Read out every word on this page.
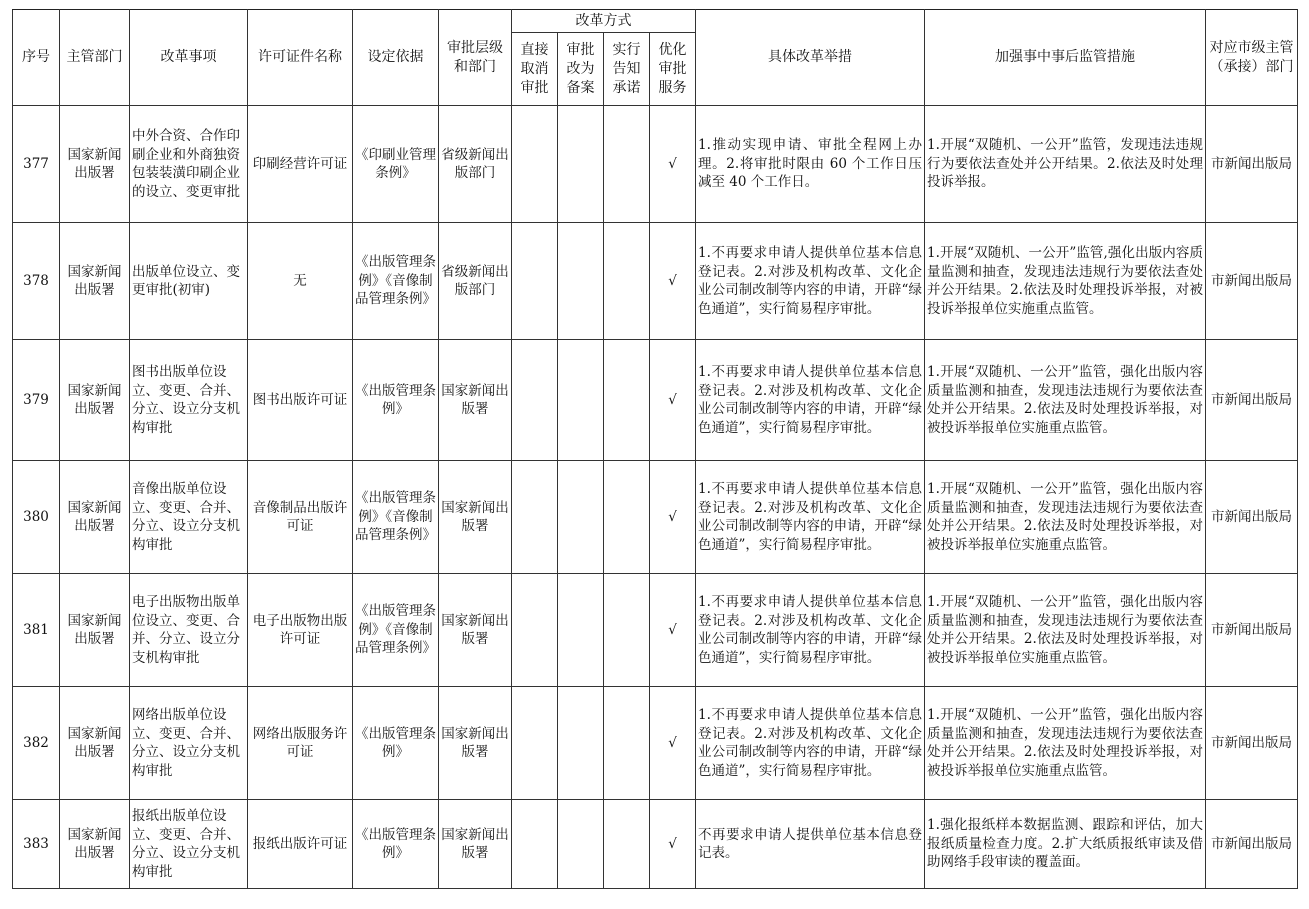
序号	主管部门	改革事项	许可证件名称	设定依据	审批层级和部门	改革方式				具体改革举措	加强事中事后监管措施	对应市级主管（承接）部门
						直接取消审批	审批改为备案	实行告知承诺	优化审批服务			
377	国家新闻出版署	中外合资、合作印刷企业和外商独资包装装潢印刷企业的设立、变更审批	印刷经营许可证	《印刷业管理条例》	省级新闻出版部门				√	1.推动实现申请、审批全程网上办理。2.将审批时限由 60 个工作日压减至 40 个工作日。	1.开展“双随机、一公开”监管，发现违法违规行为要依法查处并公开结果。2.依法及时处理投诉举报。	市新闻出版局
378	国家新闻出版署	出版单位设立、变更审批(初审)	无	《出版管理条例》《音像制品管理条例》	省级新闻出版部门				√	1.不再要求申请人提供单位基本信息登记表。2.对涉及机构改革、文化企业公司制改制等内容的申请，开辟“绿色通道”，实行简易程序审批。	1.开展“双随机、一公开”监管,强化出版内容质量监测和抽查，发现违法违规行为要依法查处并公开结果。2.依法及时处理投诉举报，对被投诉举报单位实施重点监管。	市新闻出版局
379	国家新闻出版署	图书出版单位设立、变更、合并、分立、设立分支机构审批	图书出版许可证	《出版管理条例》	国家新闻出版署				√	1.不再要求申请人提供单位基本信息登记表。2.对涉及机构改革、文化企业公司制改制等内容的申请，开辟“绿色通道”，实行简易程序审批。	1.开展“双随机、一公开”监管，强化出版内容质量监测和抽查，发现违法违规行为要依法查处并公开结果。2.依法及时处理投诉举报，对被投诉举报单位实施重点监管。	市新闻出版局
380	国家新闻出版署	音像出版单位设立、变更、合并、分立、设立分支机构审批	音像制品出版许可证	《出版管理条例》《音像制品管理条例》	国家新闻出版署				√	1.不再要求申请人提供单位基本信息登记表。2.对涉及机构改革、文化企业公司制改制等内容的申请，开辟“绿色通道”，实行简易程序审批。	1.开展“双随机、一公开”监管，强化出版内容质量监测和抽查，发现违法违规行为要依法查处并公开结果。2.依法及时处理投诉举报，对被投诉举报单位实施重点监管。	市新闻出版局
381	国家新闻出版署	电子出版物出版单位设立、变更、合并、分立、设立分支机构审批	电子出版物出版许可证	《出版管理条例》《音像制品管理条例》	国家新闻出版署				√	1.不再要求申请人提供单位基本信息登记表。2.对涉及机构改革、文化企业公司制改制等内容的申请，开辟“绿色通道”，实行简易程序审批。	1.开展“双随机、一公开”监管，强化出版内容质量监测和抽查，发现违法违规行为要依法查处并公开结果。2.依法及时处理投诉举报，对被投诉举报单位实施重点监管。	市新闻出版局
382	国家新闻出版署	网络出版单位设立、变更、合并、分立、设立分支机构审批	网络出版服务许可证	《出版管理条例》	国家新闻出版署				√	1.不再要求申请人提供单位基本信息登记表。2.对涉及机构改革、文化企业公司制改制等内容的申请，开辟“绿色通道”，实行简易程序审批。	1.开展“双随机、一公开”监管，强化出版内容质量监测和抽查，发现违法违规行为要依法查处并公开结果。2.依法及时处理投诉举报，对被投诉举报单位实施重点监管。	市新闻出版局
383	国家新闻出版署	报纸出版单位设立、变更、合并、分立、设立分支机构审批	报纸出版许可证	《出版管理条例》	国家新闻出版署				√	不再要求申请人提供单位基本信息登记表。	1.强化报纸样本数据监测、跟踪和评估，加大报纸质量检查力度。2.扩大纸质报纸审读及借助网络手段审读的覆盖面。	市新闻出版局
